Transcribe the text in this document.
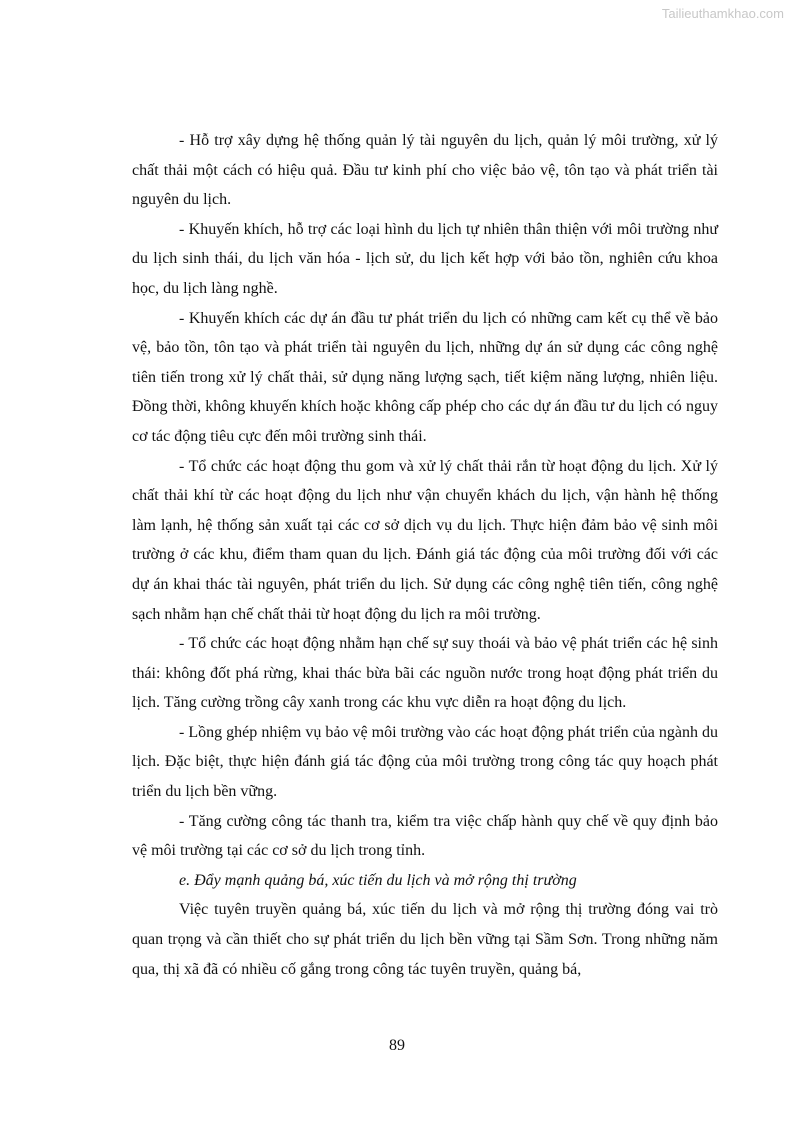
Tailieuthamkhao.com

- Hỗ trợ xây dựng hệ thống quản lý tài nguyên du lịch, quản lý môi trường, xử lý chất thải một cách có hiệu quả. Đầu tư kinh phí cho việc bảo vệ, tôn tạo và phát triển tài nguyên du lịch.

- Khuyến khích, hỗ trợ các loại hình du lịch tự nhiên thân thiện với môi trường như du lịch sinh thái, du lịch văn hóa - lịch sử, du lịch kết hợp với bảo tồn, nghiên cứu khoa học, du lịch làng nghề.

- Khuyến khích các dự án đầu tư phát triển du lịch có những cam kết cụ thể về bảo vệ, bảo tồn, tôn tạo và phát triển tài nguyên du lịch, những dự án sử dụng các công nghệ tiên tiến trong xử lý chất thải, sử dụng năng lượng sạch, tiết kiệm năng lượng, nhiên liệu. Đồng thời, không khuyến khích hoặc không cấp phép cho các dự án đầu tư du lịch có nguy cơ tác động tiêu cực đến môi trường sinh thái.

- Tổ chức các hoạt động thu gom và xử lý chất thải rắn từ hoạt động du lịch. Xử lý chất thải khí từ các hoạt động du lịch như vận chuyển khách du lịch, vận hành hệ thống làm lạnh, hệ thống sản xuất tại các cơ sở dịch vụ du lịch. Thực hiện đảm bảo vệ sinh môi trường ở các khu, điểm tham quan du lịch. Đánh giá tác động của môi trường đối với các dự án khai thác tài nguyên, phát triển du lịch. Sử dụng các công nghệ tiên tiến, công nghệ sạch nhằm hạn chế chất thải từ hoạt động du lịch ra môi trường.

- Tổ chức các hoạt động nhằm hạn chế sự suy thoái và bảo vệ phát triển các hệ sinh thái: không đốt phá rừng, khai thác bừa bãi các nguồn nước trong hoạt động phát triển du lịch. Tăng cường trồng cây xanh trong các khu vực diễn ra hoạt động du lịch.

- Lồng ghép nhiệm vụ bảo vệ môi trường vào các hoạt động phát triển của ngành du lịch. Đặc biệt, thực hiện đánh giá tác động của môi trường trong công tác quy hoạch phát triển du lịch bền vững.

- Tăng cường công tác thanh tra, kiểm tra việc chấp hành quy chế về quy định bảo vệ môi trường tại các cơ sở du lịch trong tỉnh.

e. Đẩy mạnh quảng bá, xúc tiến du lịch và mở rộng thị trường

Việc tuyên truyền quảng bá, xúc tiến du lịch và mở rộng thị trường đóng vai trò quan trọng và cần thiết cho sự phát triển du lịch bền vững tại Sầm Sơn. Trong những năm qua, thị xã đã có nhiều cố gắng trong công tác tuyên truyền, quảng bá,

89
